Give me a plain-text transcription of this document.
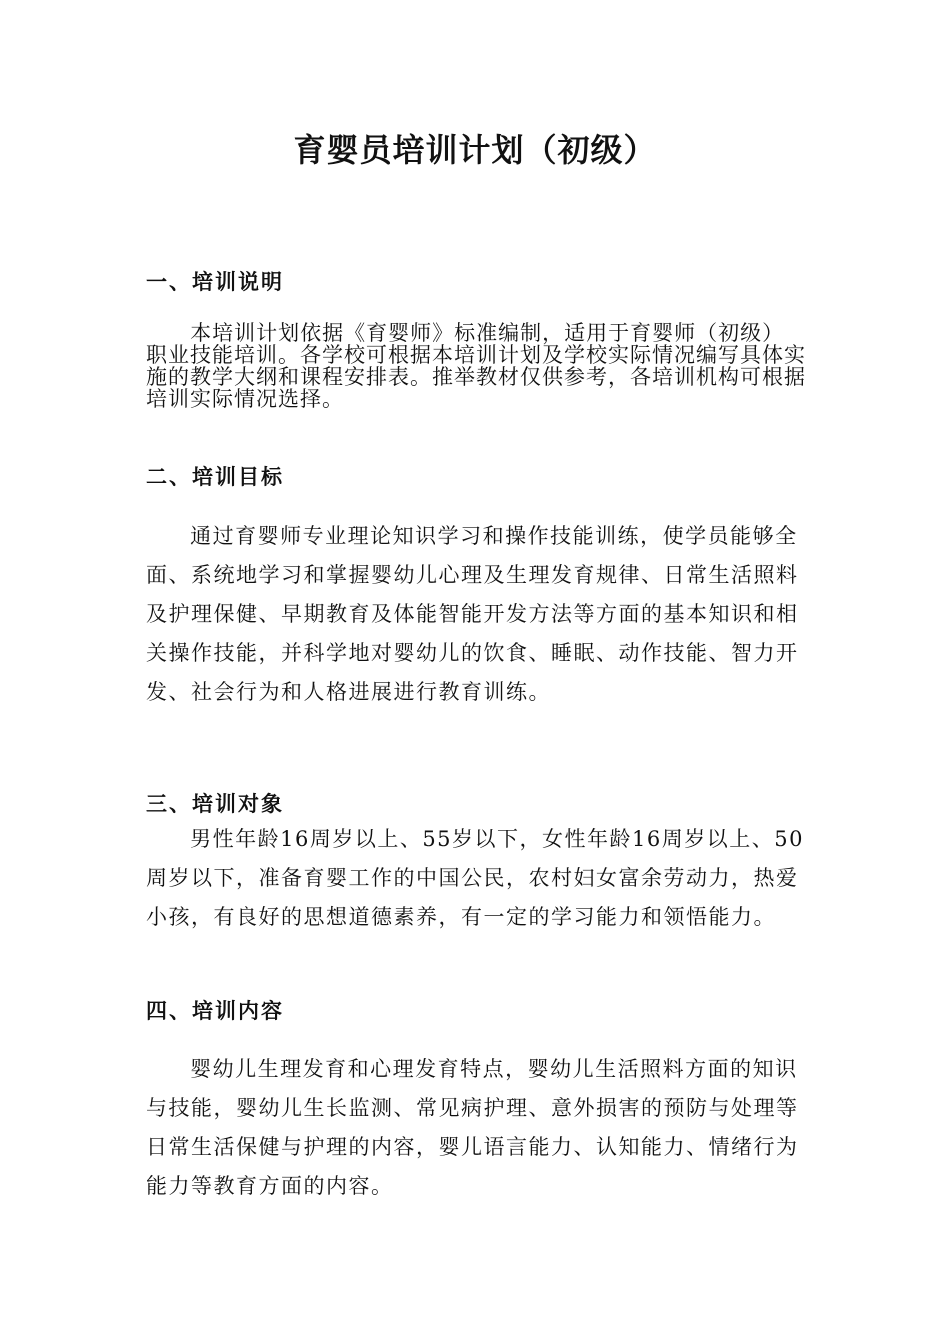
育婴员培训计划（初级）
一、培训说明
本培训计划依据《育婴师》标准编制，适用于育婴师（初级）职业技能培训。各学校可根据本培训计划及学校实际情况编写具体实施的教学大纲和课程安排表。推举教材仅供参考，各培训机构可根据培训实际情况选择。
二、培训目标
通过育婴师专业理论知识学习和操作技能训练，使学员能够全面、系统地学习和掌握婴幼儿心理及生理发育规律、日常生活照料及护理保健、早期教育及体能智能开发方法等方面的基本知识和相关操作技能，并科学地对婴幼儿的饮食、睡眠、动作技能、智力开发、社会行为和人格进展进行教育训练。
三、培训对象
男性年龄16周岁以上、55岁以下，女性年龄16周岁以上、50周岁以下，准备育婴工作的中国公民，农村妇女富余劳动力，热爱小孩，有良好的思想道德素养，有一定的学习能力和领悟能力。
四、培训内容
婴幼儿生理发育和心理发育特点，婴幼儿生活照料方面的知识与技能，婴幼儿生长监测、常见病护理、意外损害的预防与处理等日常生活保健与护理的内容，婴儿语言能力、认知能力、情绪行为能力等教育方面的内容。
